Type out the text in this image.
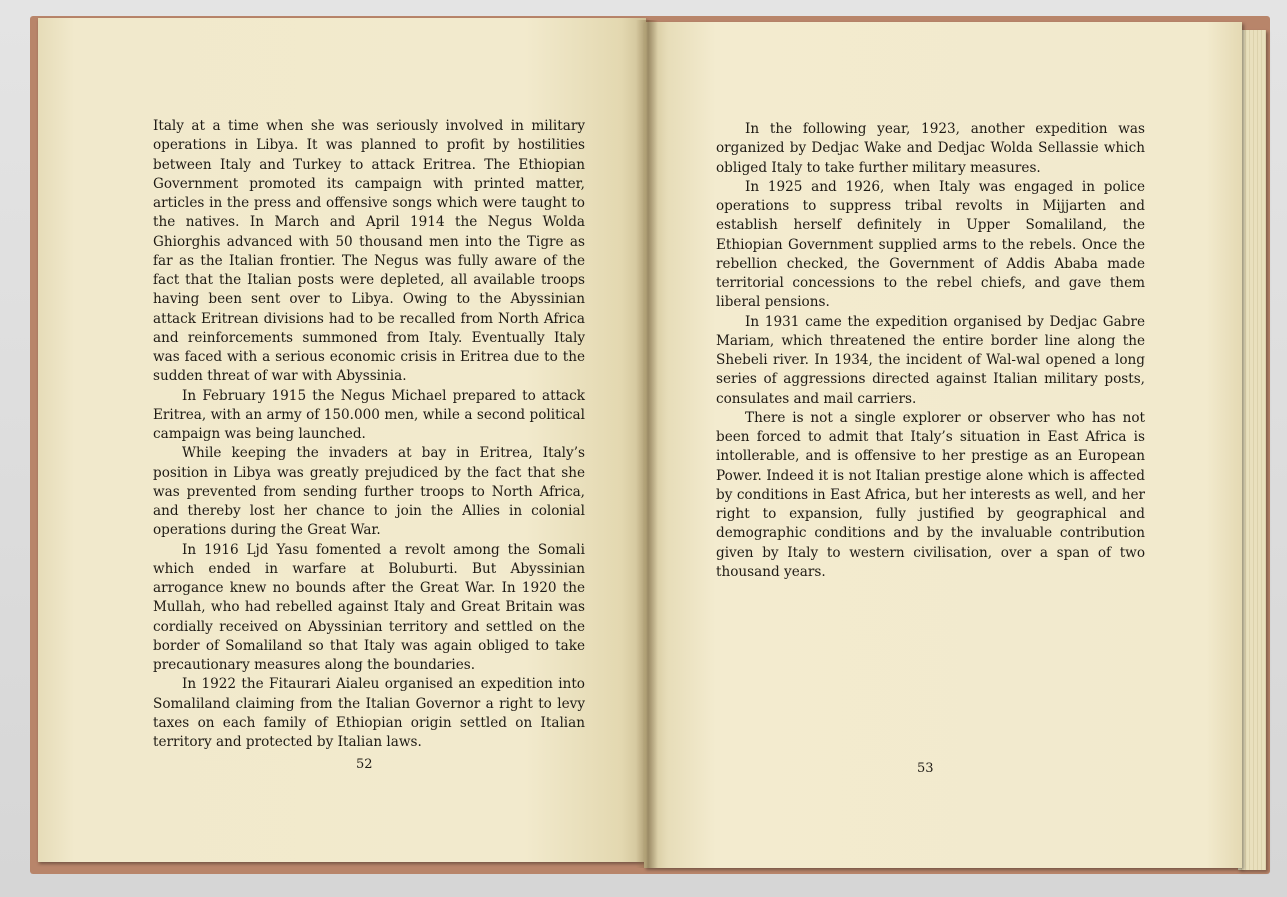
Italy at a time when she was seriously involved in military operations in Libya. It was planned to profit by hostilities between Italy and Turkey to attack Eritrea. The Ethiopian Government promoted its campaign with printed matter, articles in the press and offensive songs which were taught to the natives. In March and April 1914 the Negus Wolda Ghiorghis advanced with 50 thousand men into the Tigre as far as the Italian frontier. The Negus was fully aware of the fact that the Italian posts were depleted, all available troops having been sent over to Libya. Owing to the Abyssinian attack Eritrean divisions had to be recalled from North Africa and reinforcements summoned from Italy. Eventually Italy was faced with a serious economic crisis in Eritrea due to the sudden threat of war with Abyssinia.

In February 1915 the Negus Michael prepared to attack Eritrea, with an army of 150.000 men, while a second political campaign was being launched.

While keeping the invaders at bay in Eritrea, Italy’s position in Libya was greatly prejudiced by the fact that she was prevented from sending further troops to North Africa, and thereby lost her chance to join the Allies in colonial operations during the Great War.

In 1916 Ljd Yasu fomented a revolt among the Somali which ended in warfare at Boluburti. But Abyssinian arrogance knew no bounds after the Great War. In 1920 the Mullah, who had rebelled against Italy and Great Britain was cordially received on Abyssinian territory and settled on the border of Somaliland so that Italy was again obliged to take precautionary measures along the boundaries.

In 1922 the Fitaurari Aialeu organised an expedition into Somaliland claiming from the Italian Governor a right to levy taxes on each family of Ethiopian origin settled on Italian territory and protected by Italian laws.

52

In the following year, 1923, another expedition was organized by Dedjac Wake and Dedjac Wolda Sellassie which obliged Italy to take further military measures.

In 1925 and 1926, when Italy was engaged in police operations to suppress tribal revolts in Mijjarten and establish herself definitely in Upper Somaliland, the Ethiopian Government supplied arms to the rebels. Once the rebellion checked, the Government of Addis Ababa made territorial concessions to the rebel chiefs, and gave them liberal pensions.

In 1931 came the expedition organised by Dedjac Gabre Mariam, which threatened the entire border line along the Shebeli river. In 1934, the incident of Wal-wal opened a long series of aggressions directed against Italian military posts, consulates and mail carriers.

There is not a single explorer or observer who has not been forced to admit that Italy’s situation in East Africa is intollerable, and is offensive to her prestige as an European Power. Indeed it is not Italian prestige alone which is affected by conditions in East Africa, but her interests as well, and her right to expansion, fully justified by geographical and demographic conditions and by the invaluable contribution given by Italy to western civilisation, over a span of two thousand years.

53
